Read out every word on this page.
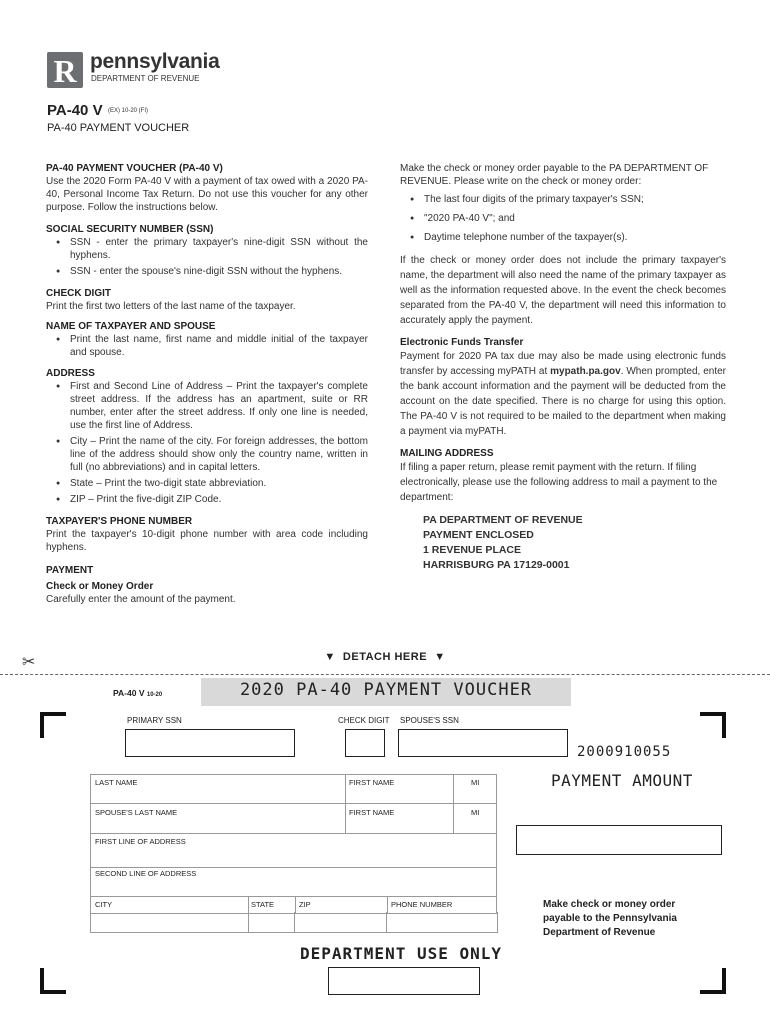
R pennsylvania
DEPARTMENT OF REVENUE
PA-40 V (EX) 10-20 (FI)
PA-40 PAYMENT VOUCHER
PA-40 PAYMENT VOUCHER (PA-40 V)

Use the 2020 Form PA-40 V with a payment of tax owed with a 2020 PA-40, Personal Income Tax Return. Do not use this voucher for any other purpose. Follow the instructions below.

SOCIAL SECURITY NUMBER (SSN)
● SSN - enter the primary taxpayer's nine-digit SSN without the hyphens.
● SSN - enter the spouse's nine-digit SSN without the hyphens.
CHECK DIGIT

Print the first two letters of the last name of the taxpayer.

NAME OF TAXPAYER AND SPOUSE
● Print the last name, first name and middle initial of the taxpayer and spouse.
ADDRESS
● First and Second Line of Address – Print the taxpayer's complete street address. If the address has an apartment, suite or RR number, enter after the street address. If only one line is needed, use the first line of Address.
● City – Print the name of the city. For foreign addresses, the bottom line of the address should show only the country name, written in full (no abbreviations) and in capital letters.
● State – Print the two-digit state abbreviation.
● ZIP – Print the five-digit ZIP Code.
TAXPAYER'S PHONE NUMBER

Print the taxpayer's 10-digit phone number with area code including hyphens.

PAYMENT
Check or Money Order

Carefully enter the amount of the payment.

Make the check or money order payable to the PA DEPARTMENT OF REVENUE. Please write on the check or money order:

● The last four digits of the primary taxpayer's SSN;
● "2020 PA-40 V"; and
● Daytime telephone number of the taxpayer(s).

If the check or money order does not include the primary taxpayer's name, the department will also need the name of the primary taxpayer as well as the information requested above. In the event the check becomes separated from the PA-40 V, the department will need this information to accurately apply the payment.

Electronic Funds Transfer

Payment for 2020 PA tax due may also be made using electronic funds transfer by accessing myPATH at mypath.pa.gov. When prompted, enter the bank account information and the payment will be deducted from the account on the date specified. There is no charge for using this option. The PA-40 V is not required to be mailed to the department when making a payment via myPATH.

MAILING ADDRESS

If filing a paper return, please remit payment with the return. If filing electronically, please use the following address to mail a payment to the department:

PA DEPARTMENT OF REVENUE
PAYMENT ENCLOSED
1 REVENUE PLACE
HARRISBURG PA 17129-0001
▼ DETACH HERE ▼
✂
PA-40 V 10-20	2020 PA-40 PAYMENT VOUCHER
PRIMARY SSN	CHECK DIGIT SPOUSE'S SSN
2000910055
LAST NAME	FIRST NAME	MI
SPOUSE'S LAST NAME	FIRST NAME	MI
FIRST LINE OF ADDRESS
SECOND LINE OF ADDRESS
CITY	STATE	ZIP	PHONE NUMBER
PAYMENT AMOUNT
Make check or money order
payable to the Pennsylvania
Department of Revenue
DEPARTMENT USE ONLY
